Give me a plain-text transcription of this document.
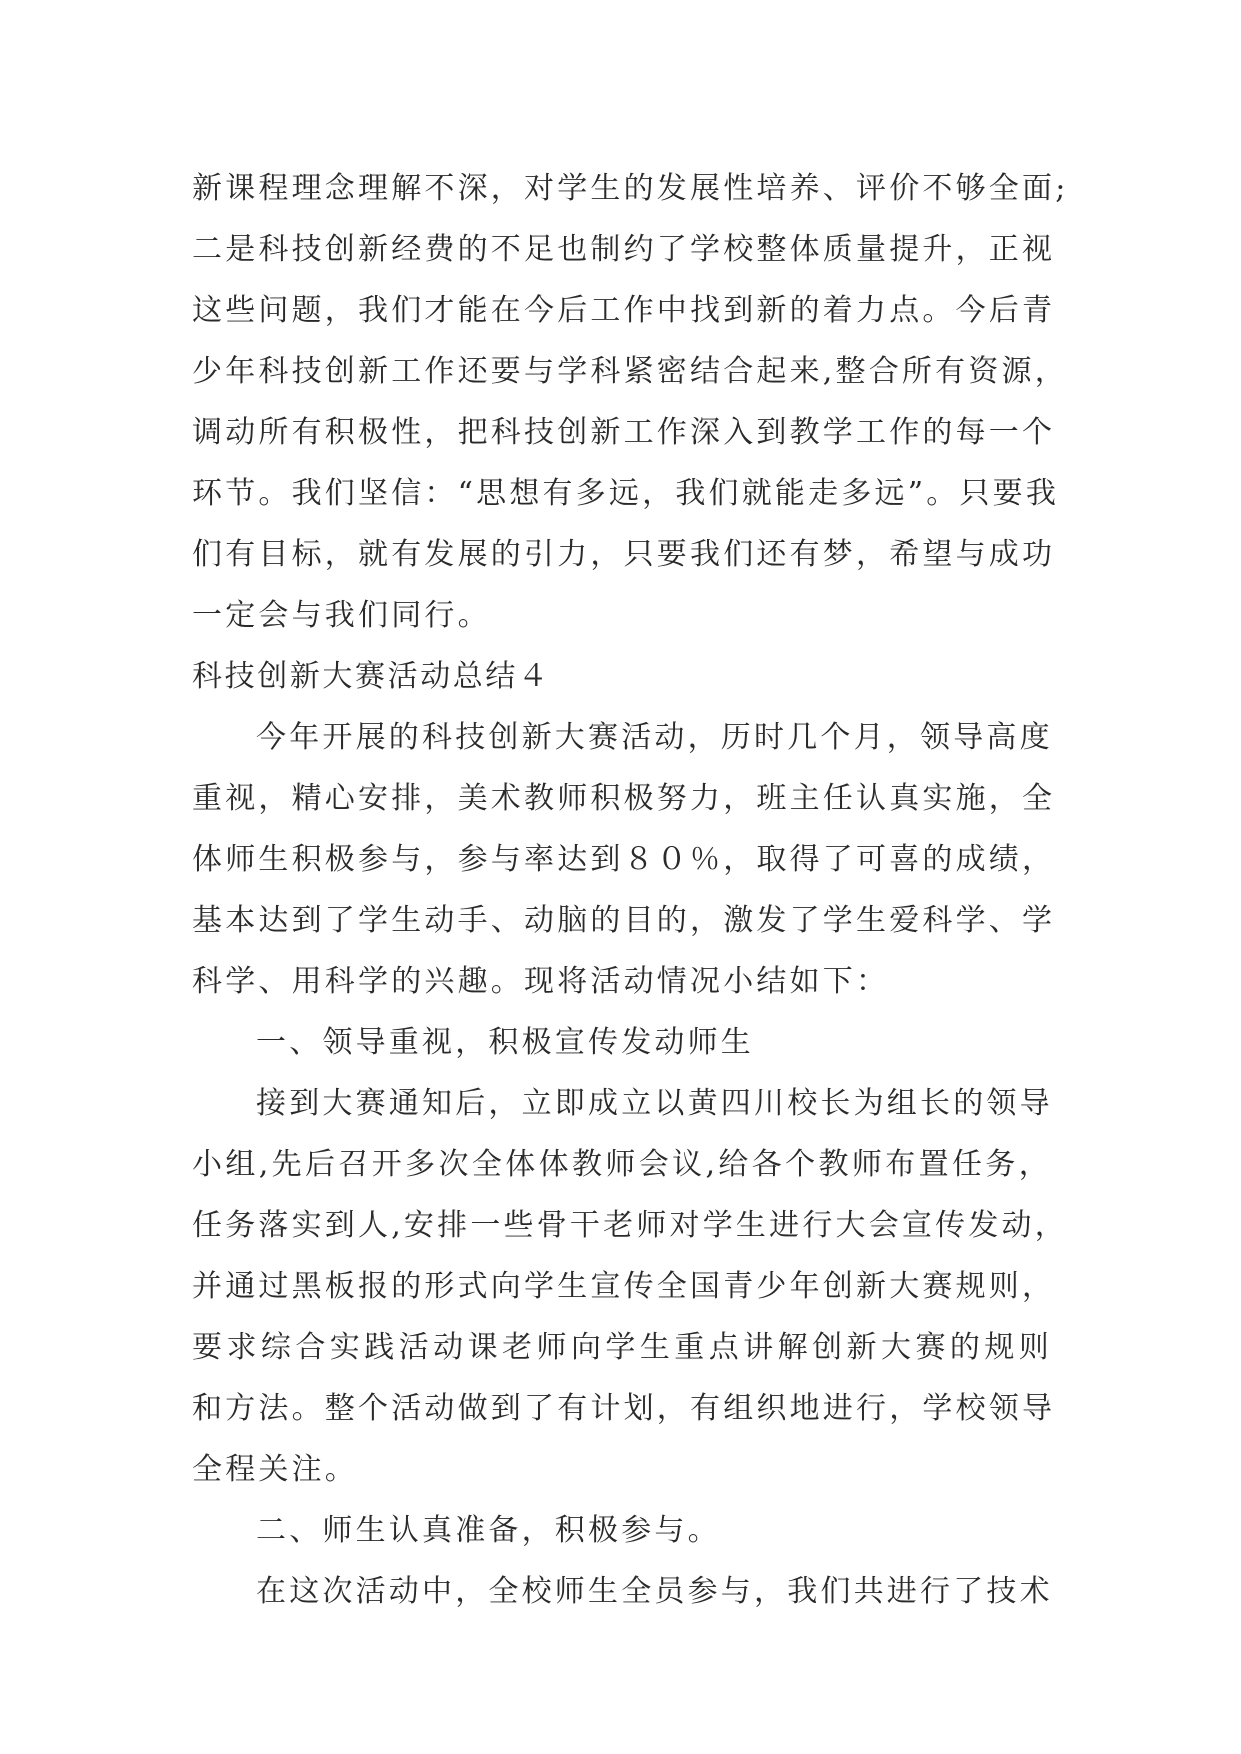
新课程理念理解不深，对学生的发展性培养、评价不够全面;
二是科技创新经费的不足也制约了学校整体质量提升，正视
这些问题，我们才能在今后工作中找到新的着力点。今后青
少年科技创新工作还要与学科紧密结合起来,整合所有资源，
调动所有积极性，把科技创新工作深入到教学工作的每一个
环节。我们坚信：“思想有多远，我们就能走多远”。只要我
们有目标，就有发展的引力，只要我们还有梦，希望与成功
一定会与我们同行。
科技创新大赛活动总结４
今年开展的科技创新大赛活动，历时几个月，领导高度
重视，精心安排，美术教师积极努力，班主任认真实施，全
体师生积极参与，参与率达到８０％，取得了可喜的成绩，
基本达到了学生动手、动脑的目的，激发了学生爱科学、学
科学、用科学的兴趣。现将活动情况小结如下：
一、领导重视，积极宣传发动师生
接到大赛通知后，立即成立以黄四川校长为组长的领导
小组,先后召开多次全体体教师会议,给各个教师布置任务，
任务落实到人,安排一些骨干老师对学生进行大会宣传发动，
并通过黑板报的形式向学生宣传全国青少年创新大赛规则，
要求综合实践活动课老师向学生重点讲解创新大赛的规则
和方法。整个活动做到了有计划，有组织地进行，学校领导
全程关注。
二、师生认真准备，积极参与。
在这次活动中，全校师生全员参与，我们共进行了技术
